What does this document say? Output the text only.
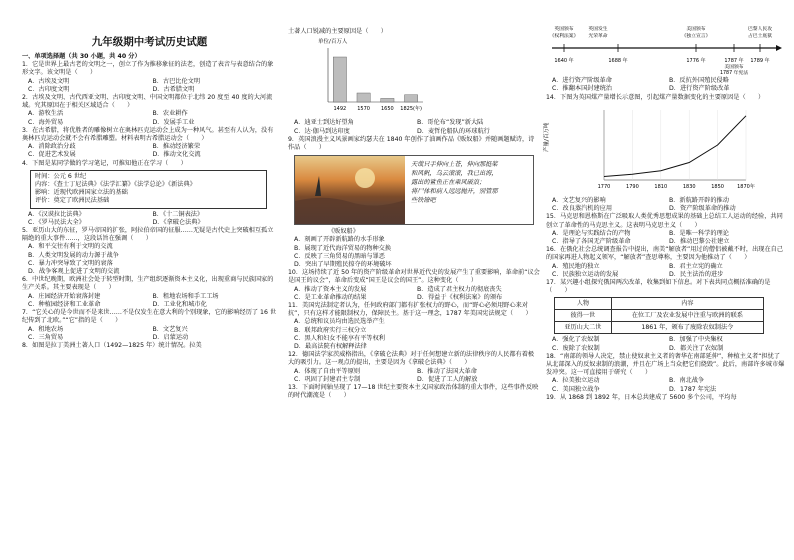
九年级期中考试历史试题
一、单项选择题（共 30 小题，共 40 分）

1．它是世界上最古老的文明之一，创立了作为推移象征的法老，创造了表音与表意结合的象形文字。该文明是（　　）

A．古埃及文明	B．古巴比伦文明
C．古印度文明	D．古希腊文明

2．古埃及文明、古代西亚文明、古印度文明、中国文明都位于北纬 20 度至 40 度的大河流域。究其原因在于相关区域适合（　　）

A．游牧生活	B．农业耕作
C．海外贸易	D．发展手工业

3．在古希腊，将优胜者的雕像树立在奥林匹克运动会上成为一种风气。甚至有人认为，没有奥林匹克运动会就不会有希腊雕塑。材料表明古希腊运动会（　　）

A．消除政治分歧	B．推动经济繁荣
C．促进艺术发展	D．推动文化交流

4．下图是某同学做的学习笔记，可推知他正在学习（　　）

时间：公元 6 世纪
内容：《查士丁尼法典》《法学汇纂》《法学总论》《新法典》
影响：近现代欧洲国家立法的基础
评价：奠定了欧洲民法基础
A．《汉谟拉比法典》	B．《十二铜表法》
C．《罗马民法大全》	D．《拿破仑法典》

5．亚历山大的东征，罗马帝国的扩张，阿拉伯帝国的征服……无疑是古代史上突破相互孤立隔绝的重大事件……，这段话旨在强调（　　）

A．和平交往有利于文明的交流
B．人类文明发展的动力源于战争
C．暴力冲突导致了文明的衰落
D．战争客观上促进了文明的交流

6．中世纪晚期，欧洲社会处于转型时期，生产组织逐渐资本主义化，出现重商与民族国家的生产关系。其主要表现是（　　）

A．庄园经济开始衰落封建	B．租地农场和手工工场
C．种植园经济和工业革命	D．工业化和城市化

7．“它关心的是今世而不是来世……不是仅发生在意大利的个别现象，它的影响经历了 16 世纪传到了北欧。”“它”指的是（　　）

A．租地农场	B．文艺复兴
C．三角贸易	D．启蒙运动

8．如图是拉丁美洲土著人口（1492—1825 年）统计情况。拉美

土著人口锐减的主要原因是（　　）

单位/百万人
1492 1570 1650 1825(年)
A．迪亚士到达好望角	B．哥伦布“发现”新大陆
C．达·伽马到达印度	D．麦哲伦船队的环球航行

9．英国浪漫主义风景画家约瑟夫在 1840 年创作了油画作品《贩奴船》并随画题赋诗，诗作品（　　）

天哉只手伸向上苍，伸向那挺桨
和风帆，乌云滚滚，我已出海，
露出的鲨鱼正在乘风破浪；
将尸体和病人远远抛开，别管那
些铁镣吧
《贩奴船》
A．刻画了开辟新航路的水手形象
B．展现了近代海洋贸易的物种交换
C．反映了三角贸易的黑暗与罪恶
D．突出了早期殖民掠夺的环境破坏

10．这场持续了近 50 年的资产阶级革命对世界近代史的发展产生了重要影响，革命前“议会是国王的议会”，革命后变成“国王是议会的国王”。这种变化（　　）

A．推动了资本主义的发展	B．造成了君主权力的彻底丧失
C．是工业革命推动的结果	D．得益于《权利法案》的颁布

11．美国宪法制定者认为，任何政府部门都有扩张权力的野心，而“野心必须用野心来对抗”，只有这样才能限制权力，保障民主。基于这一理念，1787 年美国宪法规定（　　）

A．总统和议员均由选民选举产生
B．联邦政府实行三权分立
C．黑人和妇女不能享有平等权利
D．最高法院有权解释法律

12．德国法学家茨威格指出，《拿破仑法典》对于任何想建立新的法律秩序的人民都有着极大的吸引力。这一观点的提出，主要是因为《拿破仑法典》（　　）

A．体现了自由平等原则	B．推动了法国大革命
C．巩固了封建君主专制	D．促进了工人的解放

13．下面时间轴呈现了 17—18 世纪主要资本主义国家政治体制的重大事件，这些事件反映的时代潮流是（　　）

1640 年	1688 年	1776 年	1787 年 1789 年
英国颁布
《权利法案》
英国发生
光荣革命
美国颁布
《独立宣言》
美国颁布
1787 年宪法
巴黎人民攻
占巴士底狱
A．进行资产阶级革命	B．反抗外国殖民侵略
C．推翻本国封建统治	D．进行资产阶级改革

14．下图为英国煤产量增长示意图，引起煤产量数据变化的主要原因是（　　）

产量/百万吨
1770	1790	1810	1830	1850	1870年
A．文艺复兴的影响	B．新航路开辟的推动
C．改良蒸汽机的应用	D．资产阶级革命的推动

15．马克思和恩格斯在广泛吸取人类优秀思想成果的基础上总结工人运动的经验，共同创立了革命性的马克思主义。这表明马克思主义（　　）

A．是理论与实践结合的产物	B．是唯一科学的理论
C．指导了各国无产阶级革命	D．推动巴黎公社建立

16．在俄化社会总统调查报告中提出，南美“解放者”用过的僧侣被戴不时，出现在自己的国家再进人物起义领军，“解放者”查思尊称，主要因为他推动了（　　）

A．殖民地的独立	B．君主立宪的确立
C．民族独立运动的发展	D．民主法治的进步

17．某兴趣小组探究俄国两次改革，收集到如下信息。对下表共同点概括准确的是（　　）

人物	内容
彼得一世	在位工厂及农业发展中注重与欧洲的联系
亚历山大二世	1861 年，颁布了废除农奴制法令
A．强化了农奴制	B．加强了中央集权
C．废除了农奴制	D．都关注了农奴制

18．“南部的领导人决定，禁止使奴隶主义者的奢华在南部延伸”，种植主义者“担忧了从北部深入的反奴隶制的浪潮，并且在广场上当众把它们烧毁”。此后，南部许多城市爆发冲突。这一可直接用于研究（　　）

A．拉美独立运动	B．南北战争
C．美国独立战争	D．1787 年宪法

19．从 1868 到 1892 年，日本总共建成了 5600 多个公司，平均每
